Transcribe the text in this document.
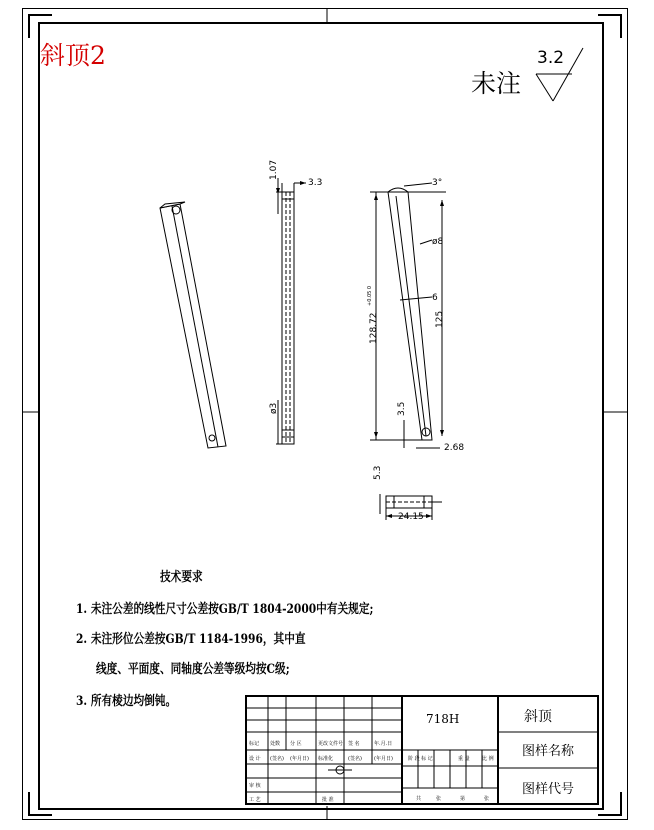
斜顶2
未注
3.2
1.07
3.3
ø3
3°
ø8
6
+0.05 0
128.72	125
3.5
2.68
5.3
24.15
技术要求
1. 未注公差的线性尺寸公差按GB/T 1804-2000中有关规定;
2. 未注形位公差按GB/T 1184-1996，其中直
线度、平面度、同轴度公差等级均按C级;
3. 所有棱边均倒钝。
718H	斜顶
图样名称
图样代号
标记 处数 分 区	更改文件号 签 名	年.月.日
设 计 (签名) (年月日) 标准化	(签名) (年月日)
审 核
工 艺	批 准
阶 段 标 记	重 量 比 例
共	张	第	张
